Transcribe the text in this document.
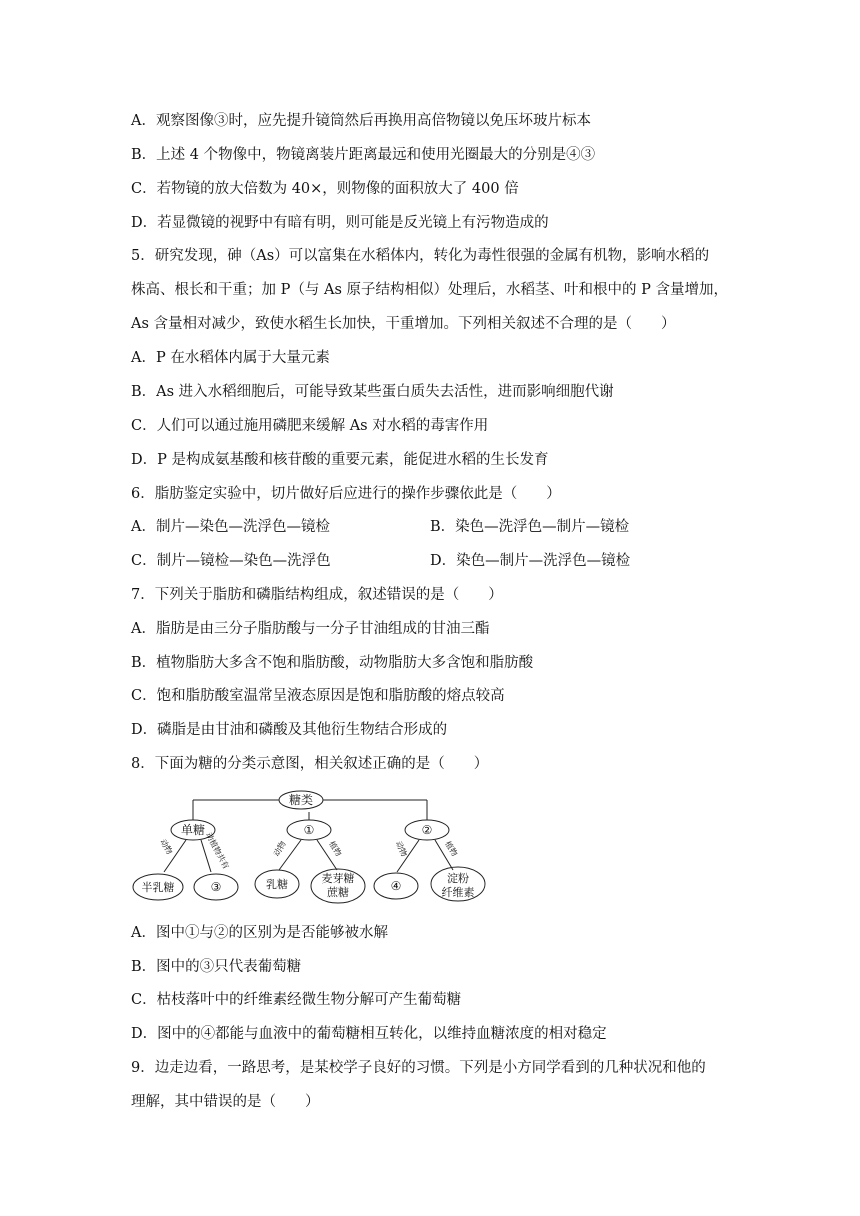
A．观察图像③时，应先提升镜筒然后再换用高倍物镜以免压坏玻片标本
B．上述 4 个物像中，物镜离装片距离最远和使用光圈最大的分别是④③
C．若物镜的放大倍数为 40×，则物像的面积放大了 400 倍
D．若显微镜的视野中有暗有明，则可能是反光镜上有污物造成的
5．研究发现，砷（As）可以富集在水稻体内，转化为毒性很强的金属有机物，影响水稻的
株高、根长和干重；加 P（与 As 原子结构相似）处理后，水稻茎、叶和根中的 P 含量增加，
As 含量相对减少，致使水稻生长加快，干重增加。下列相关叙述不合理的是（　　）
A．P 在水稻体内属于大量元素
B．As 进入水稻细胞后，可能导致某些蛋白质失去活性，进而影响细胞代谢
C．人们可以通过施用磷肥来缓解 As 对水稻的毒害作用
D．P 是构成氨基酸和核苷酸的重要元素，能促进水稻的生长发育
6．脂肪鉴定实验中，切片做好后应进行的操作步骤依此是（　　）
A．制片—染色—洗浮色—镜检	B．染色—洗浮色—制片—镜检
C．制片—镜检—染色—洗浮色	D．染色—制片—洗浮色—镜检
7．下列关于脂肪和磷脂结构组成，叙述错误的是（　　）
A．脂肪是由三分子脂肪酸与一分子甘油组成的甘油三酯
B．植物脂肪大多含不饱和脂肪酸，动物脂肪大多含饱和脂肪酸
C．饱和脂肪酸室温常呈液态原因是饱和脂肪酸的熔点较高
D．磷脂是由甘油和磷酸及其他衍生物结合形成的
8．下面为糖的分类示意图，相关叙述正确的是（　　）
糖类
单糖	①	②
半乳糖	③	乳糖	麦芽糖
蔗糖	④
淀粉
纤维素
动物	动植物共有	动物	植物	动物	植物
A．图中①与②的区别为是否能够被水解
B．图中的③只代表葡萄糖
C．枯枝落叶中的纤维素经微生物分解可产生葡萄糖
D．图中的④都能与血液中的葡萄糖相互转化，以维持血糖浓度的相对稳定
9．边走边看，一路思考，是某校学子良好的习惯。下列是小方同学看到的几种状况和他的
理解，其中错误的是（　　）
